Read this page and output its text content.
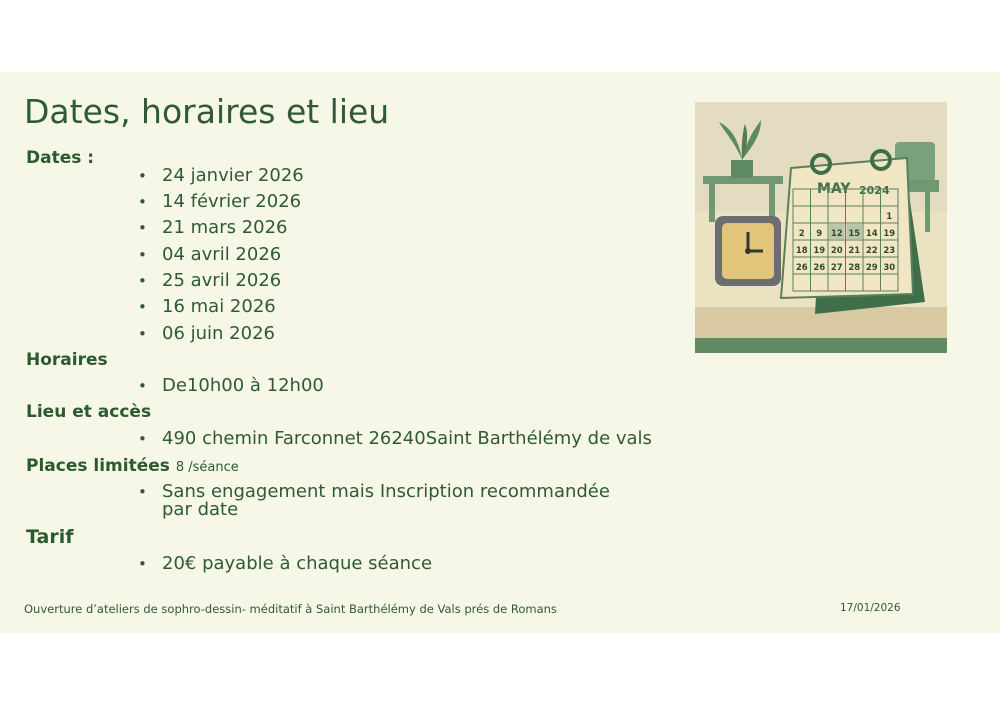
Dates, horaires et lieu
Dates :
• 24 janvier 2026
• 14 février 2026
• 21 mars 2026
• 04 avril 2026
• 25 avril 2026
• 16 mai 2026
• 06 juin 2026
Horaires
• De10h00 à 12h00
Lieu et accès
• 490 chemin Farconnet 26240Saint Barthélémy de vals
Places limitées 8 /séance
• Sans engagement mais Inscription recommandée par date
Tarif
• 20€ payable à chaque séance
MAY 2024
1
2 9 12 15 14 19
18 19 20 21 22 23
26 26 27 28 29 30
Ouverture d’ateliers de sophro-dessin- méditatif à Saint Barthélémy de Vals prés de Romans	17/01/2026
